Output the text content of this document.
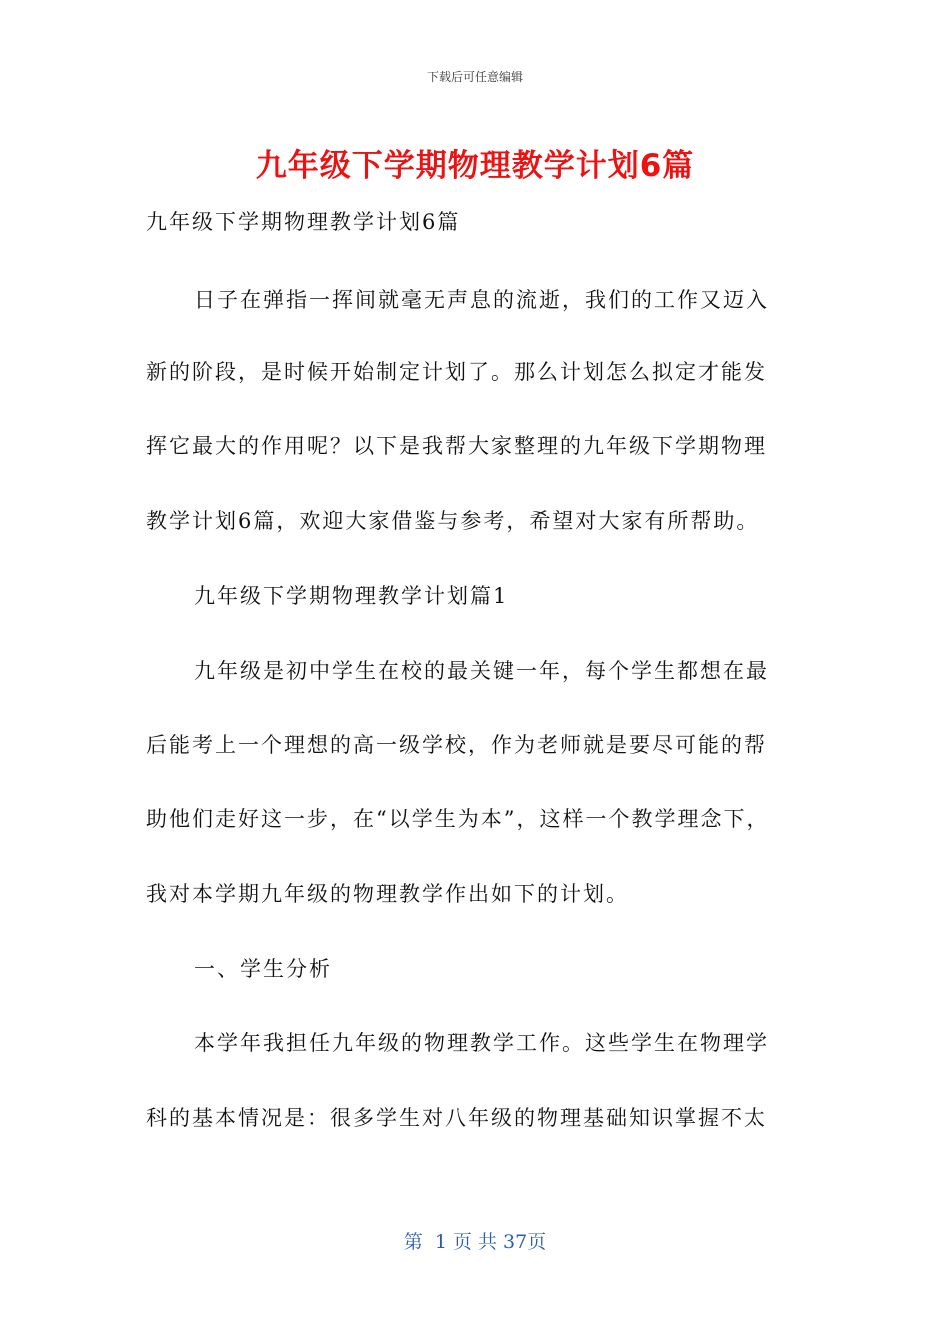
下载后可任意编辑
九年级下学期物理教学计划6篇
九年级下学期物理教学计划6篇
日子在弹指一挥间就毫无声息的流逝，我们的工作又迈入
新的阶段，是时候开始制定计划了。那么计划怎么拟定才能发
挥它最大的作用呢？以下是我帮大家整理的九年级下学期物理
教学计划6篇，欢迎大家借鉴与参考，希望对大家有所帮助。
九年级下学期物理教学计划篇1
九年级是初中学生在校的最关键一年，每个学生都想在最
后能考上一个理想的高一级学校，作为老师就是要尽可能的帮
助他们走好这一步，在“以学生为本”，这样一个教学理念下，
我对本学期九年级的物理教学作出如下的计划。
一、学生分析
本学年我担任九年级的物理教学工作。这些学生在物理学
科的基本情况是：很多学生对八年级的物理基础知识掌握不太
第  1 页 共 37页
